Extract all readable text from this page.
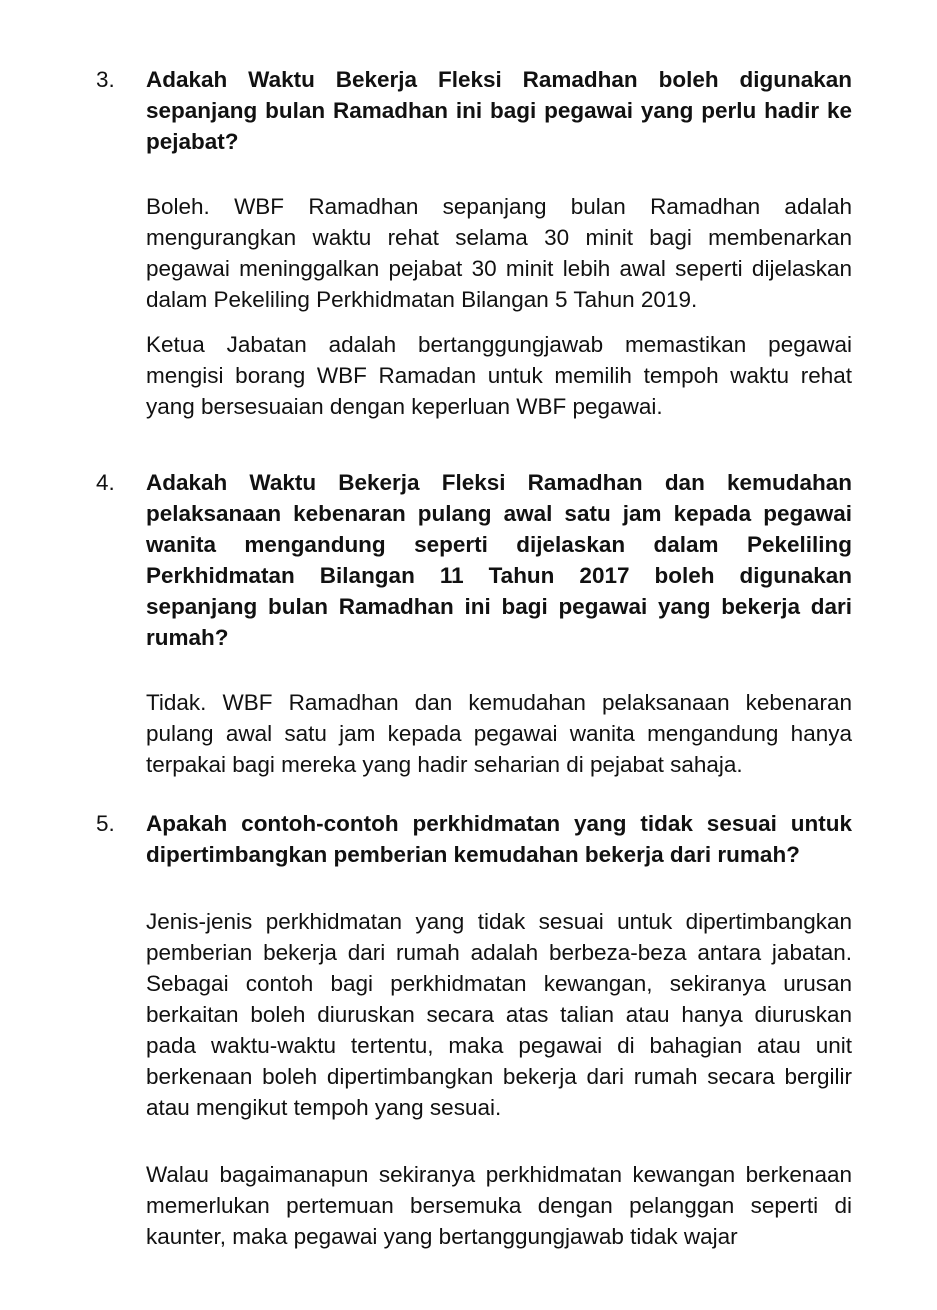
3.	Adakah Waktu Bekerja Fleksi Ramadhan boleh digunakan sepanjang bulan Ramadhan ini bagi pegawai yang perlu hadir ke pejabat?

Boleh. WBF Ramadhan sepanjang bulan Ramadhan adalah mengurangkan waktu rehat selama 30 minit bagi membenarkan pegawai meninggalkan pejabat 30 minit lebih awal seperti dijelaskan dalam Pekeliling Perkhidmatan Bilangan 5 Tahun 2019.

Ketua Jabatan adalah bertanggungjawab memastikan pegawai mengisi borang WBF Ramadan untuk memilih tempoh waktu rehat yang bersesuaian dengan keperluan WBF pegawai.

4.	Adakah Waktu Bekerja Fleksi Ramadhan dan kemudahan pelaksanaan kebenaran pulang awal satu jam kepada pegawai wanita mengandung seperti dijelaskan dalam Pekeliling Perkhidmatan Bilangan 11 Tahun 2017 boleh digunakan sepanjang bulan Ramadhan ini bagi pegawai yang bekerja dari rumah?

Tidak. WBF Ramadhan dan kemudahan pelaksanaan kebenaran pulang awal satu jam kepada pegawai wanita mengandung hanya terpakai bagi mereka yang hadir seharian di pejabat sahaja.

5.	Apakah contoh-contoh perkhidmatan yang tidak sesuai untuk dipertimbangkan pemberian kemudahan bekerja dari rumah?

Jenis-jenis perkhidmatan yang tidak sesuai untuk dipertimbangkan pemberian bekerja dari rumah adalah berbeza-beza antara jabatan. Sebagai contoh bagi perkhidmatan kewangan, sekiranya urusan berkaitan boleh diuruskan secara atas talian atau hanya diuruskan pada waktu-waktu tertentu, maka pegawai di bahagian atau unit berkenaan boleh dipertimbangkan bekerja dari rumah secara bergilir atau mengikut tempoh yang sesuai.

Walau bagaimanapun sekiranya perkhidmatan kewangan berkenaan memerlukan pertemuan bersemuka dengan pelanggan seperti di kaunter, maka pegawai yang bertanggungjawab tidak wajar
